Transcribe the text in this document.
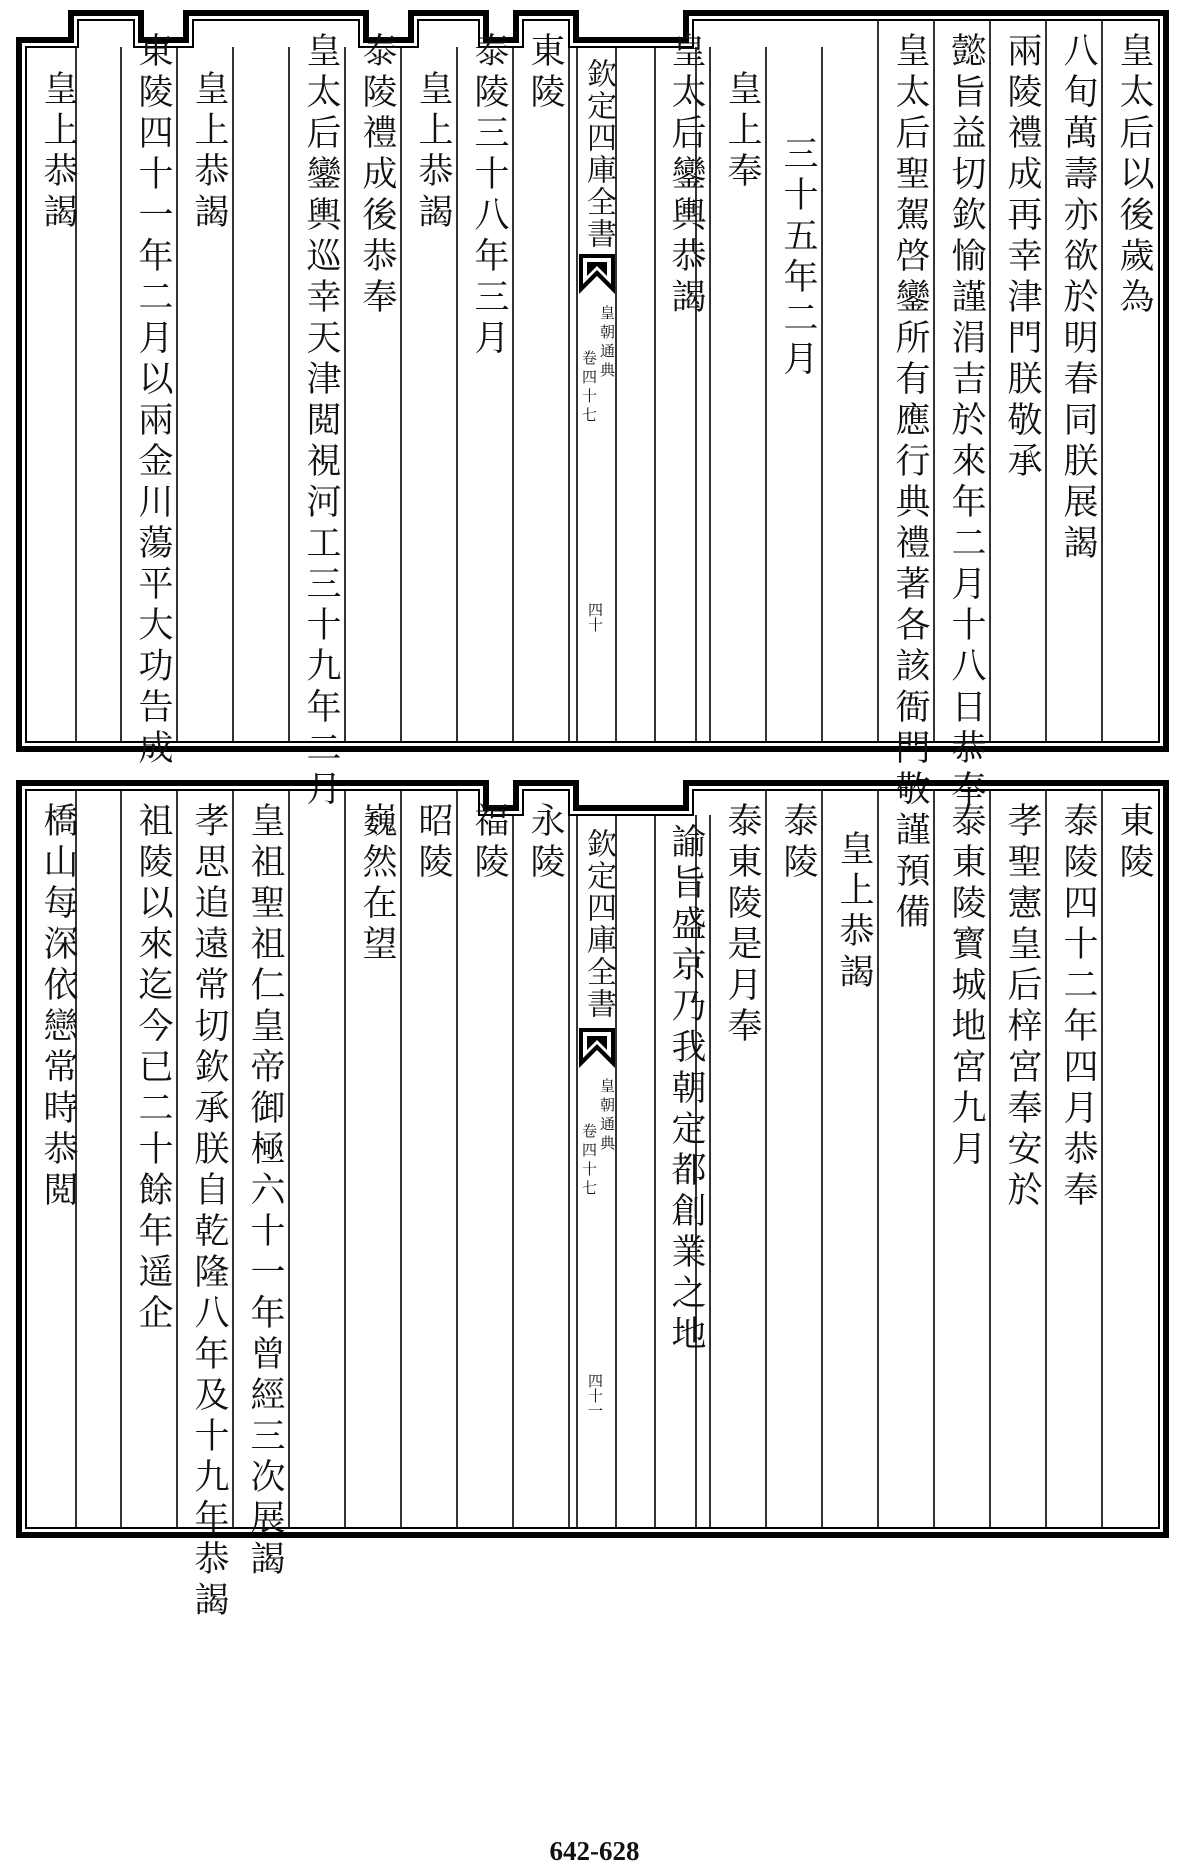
皇太后以後歲為
八旬萬壽亦欲於明春同朕展謁
兩陵禮成再幸津門朕敬承
懿旨益切欽愉謹涓吉於來年二月十八日恭奉
皇太后聖駕啓鑾所有應行典禮著各該衙門敬謹預備
三十五年二月
皇上奉
皇太后鑾輿恭謁
欽定四庫全書
皇朝通典
卷四十七
四十
東陵
泰陵三十八年三月
皇上恭謁
泰陵禮成後恭奉
皇太后鑾輿巡幸天津閲視河工三十九年二月
皇上恭謁
東陵四十一年二月以兩金川蕩平大功告成
皇上恭謁
東陵
泰陵四十二年四月恭奉
孝聖憲皇后梓宮奉安於
泰東陵寳城地宮九月
皇上恭謁
泰陵
泰東陵是月奉
諭旨盛京乃我朝定都創業之地
欽定四庫全書
皇朝通典
卷四十七
四十一
永陵
福陵
昭陵
巍然在望
皇祖聖祖仁皇帝御極六十一年曾經三次展謁
孝思追遠常切欽承朕自乾隆八年及十九年恭謁
祖陵以來迄今已二十餘年遥企
橋山每深依戀常時恭閲
642-628
